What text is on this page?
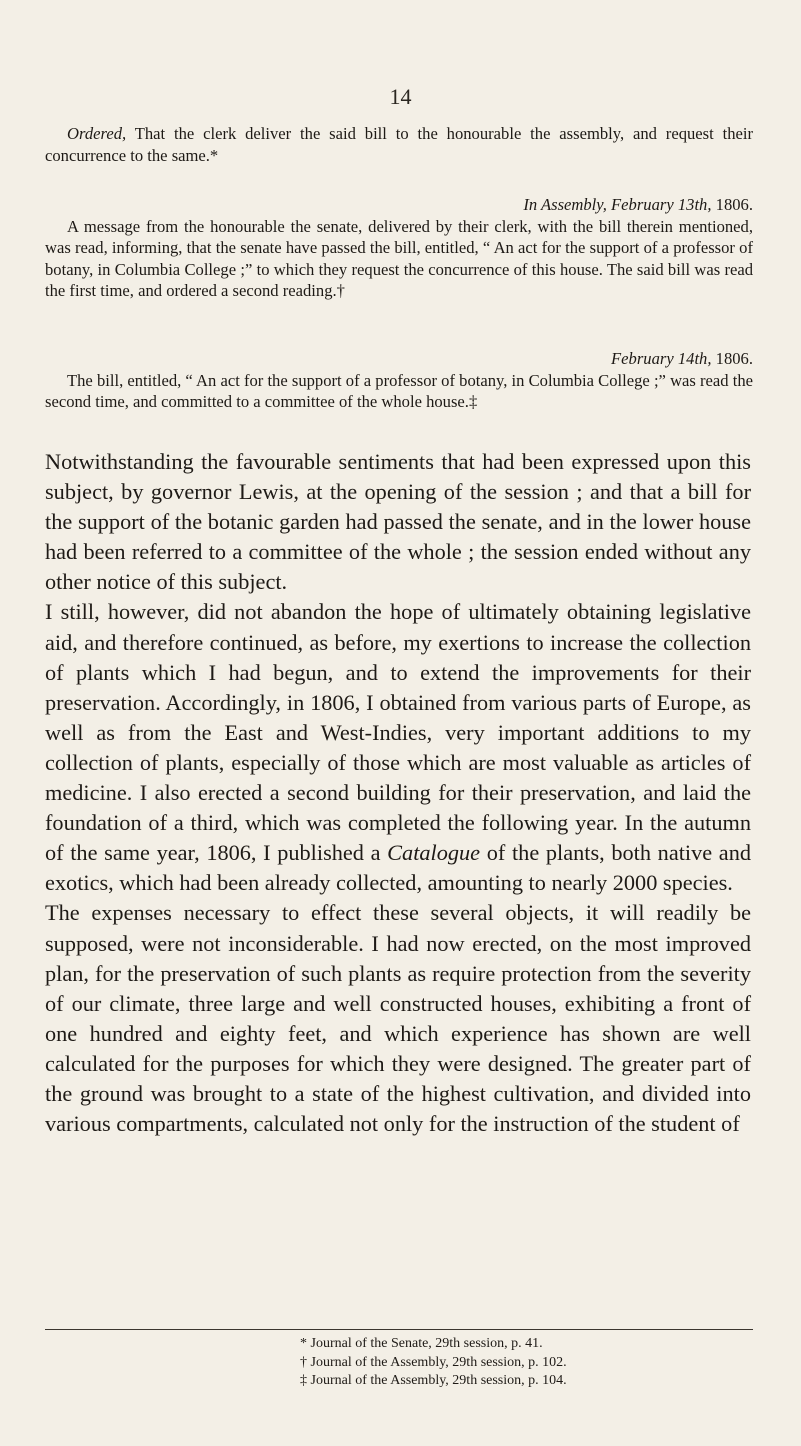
14

Ordered, That the clerk deliver the said bill to the honourable the assembly, and request their concurrence to the same.*

In Assembly, February 13th, 1806.

A message from the honourable the senate, delivered by their clerk, with the bill therein mentioned, was read, informing, that the senate have passed the bill, entitled, “ An act for the support of a professor of botany, in Columbia College ;” to which they request the concurrence of this house. The said bill was read the first time, and ordered a second reading.†

February 14th, 1806.

The bill, entitled, “ An act for the support of a professor of botany, in Columbia College ;” was read the second time, and committed to a committee of the whole house.‡

Notwithstanding the favourable sentiments that had been expressed upon this subject, by governor Lewis, at the opening of the session ; and that a bill for the support of the botanic garden had passed the senate, and in the lower house had been referred to a committee of the whole ; the session ended without any other notice of this subject.

I still, however, did not abandon the hope of ultimately obtaining legislative aid, and therefore continued, as before, my exertions to increase the collection of plants which I had begun, and to extend the improvements for their preservation. Accordingly, in 1806, I obtained from various parts of Europe, as well as from the East and West-Indies, very important additions to my collection of plants, especially of those which are most valuable as articles of medicine. I also erected a second building for their preservation, and laid the foundation of a third, which was completed the following year. In the autumn of the same year, 1806, I published a Catalogue of the plants, both native and exotics, which had been already collected, amounting to nearly 2000 species.

The expenses necessary to effect these several objects, it will readily be supposed, were not inconsiderable. I had now erected, on the most improved plan, for the preservation of such plants as require protection from the severity of our climate, three large and well constructed houses, exhibiting a front of one hundred and eighty feet, and which experience has shown are well calculated for the purposes for which they were designed. The greater part of the ground was brought to a state of the highest cultivation, and divided into various compartments, calculated not only for the instruction of the student of

* Journal of the Senate, 29th session, p. 41.

† Journal of the Assembly, 29th session, p. 102.

‡ Journal of the Assembly, 29th session, p. 104.
